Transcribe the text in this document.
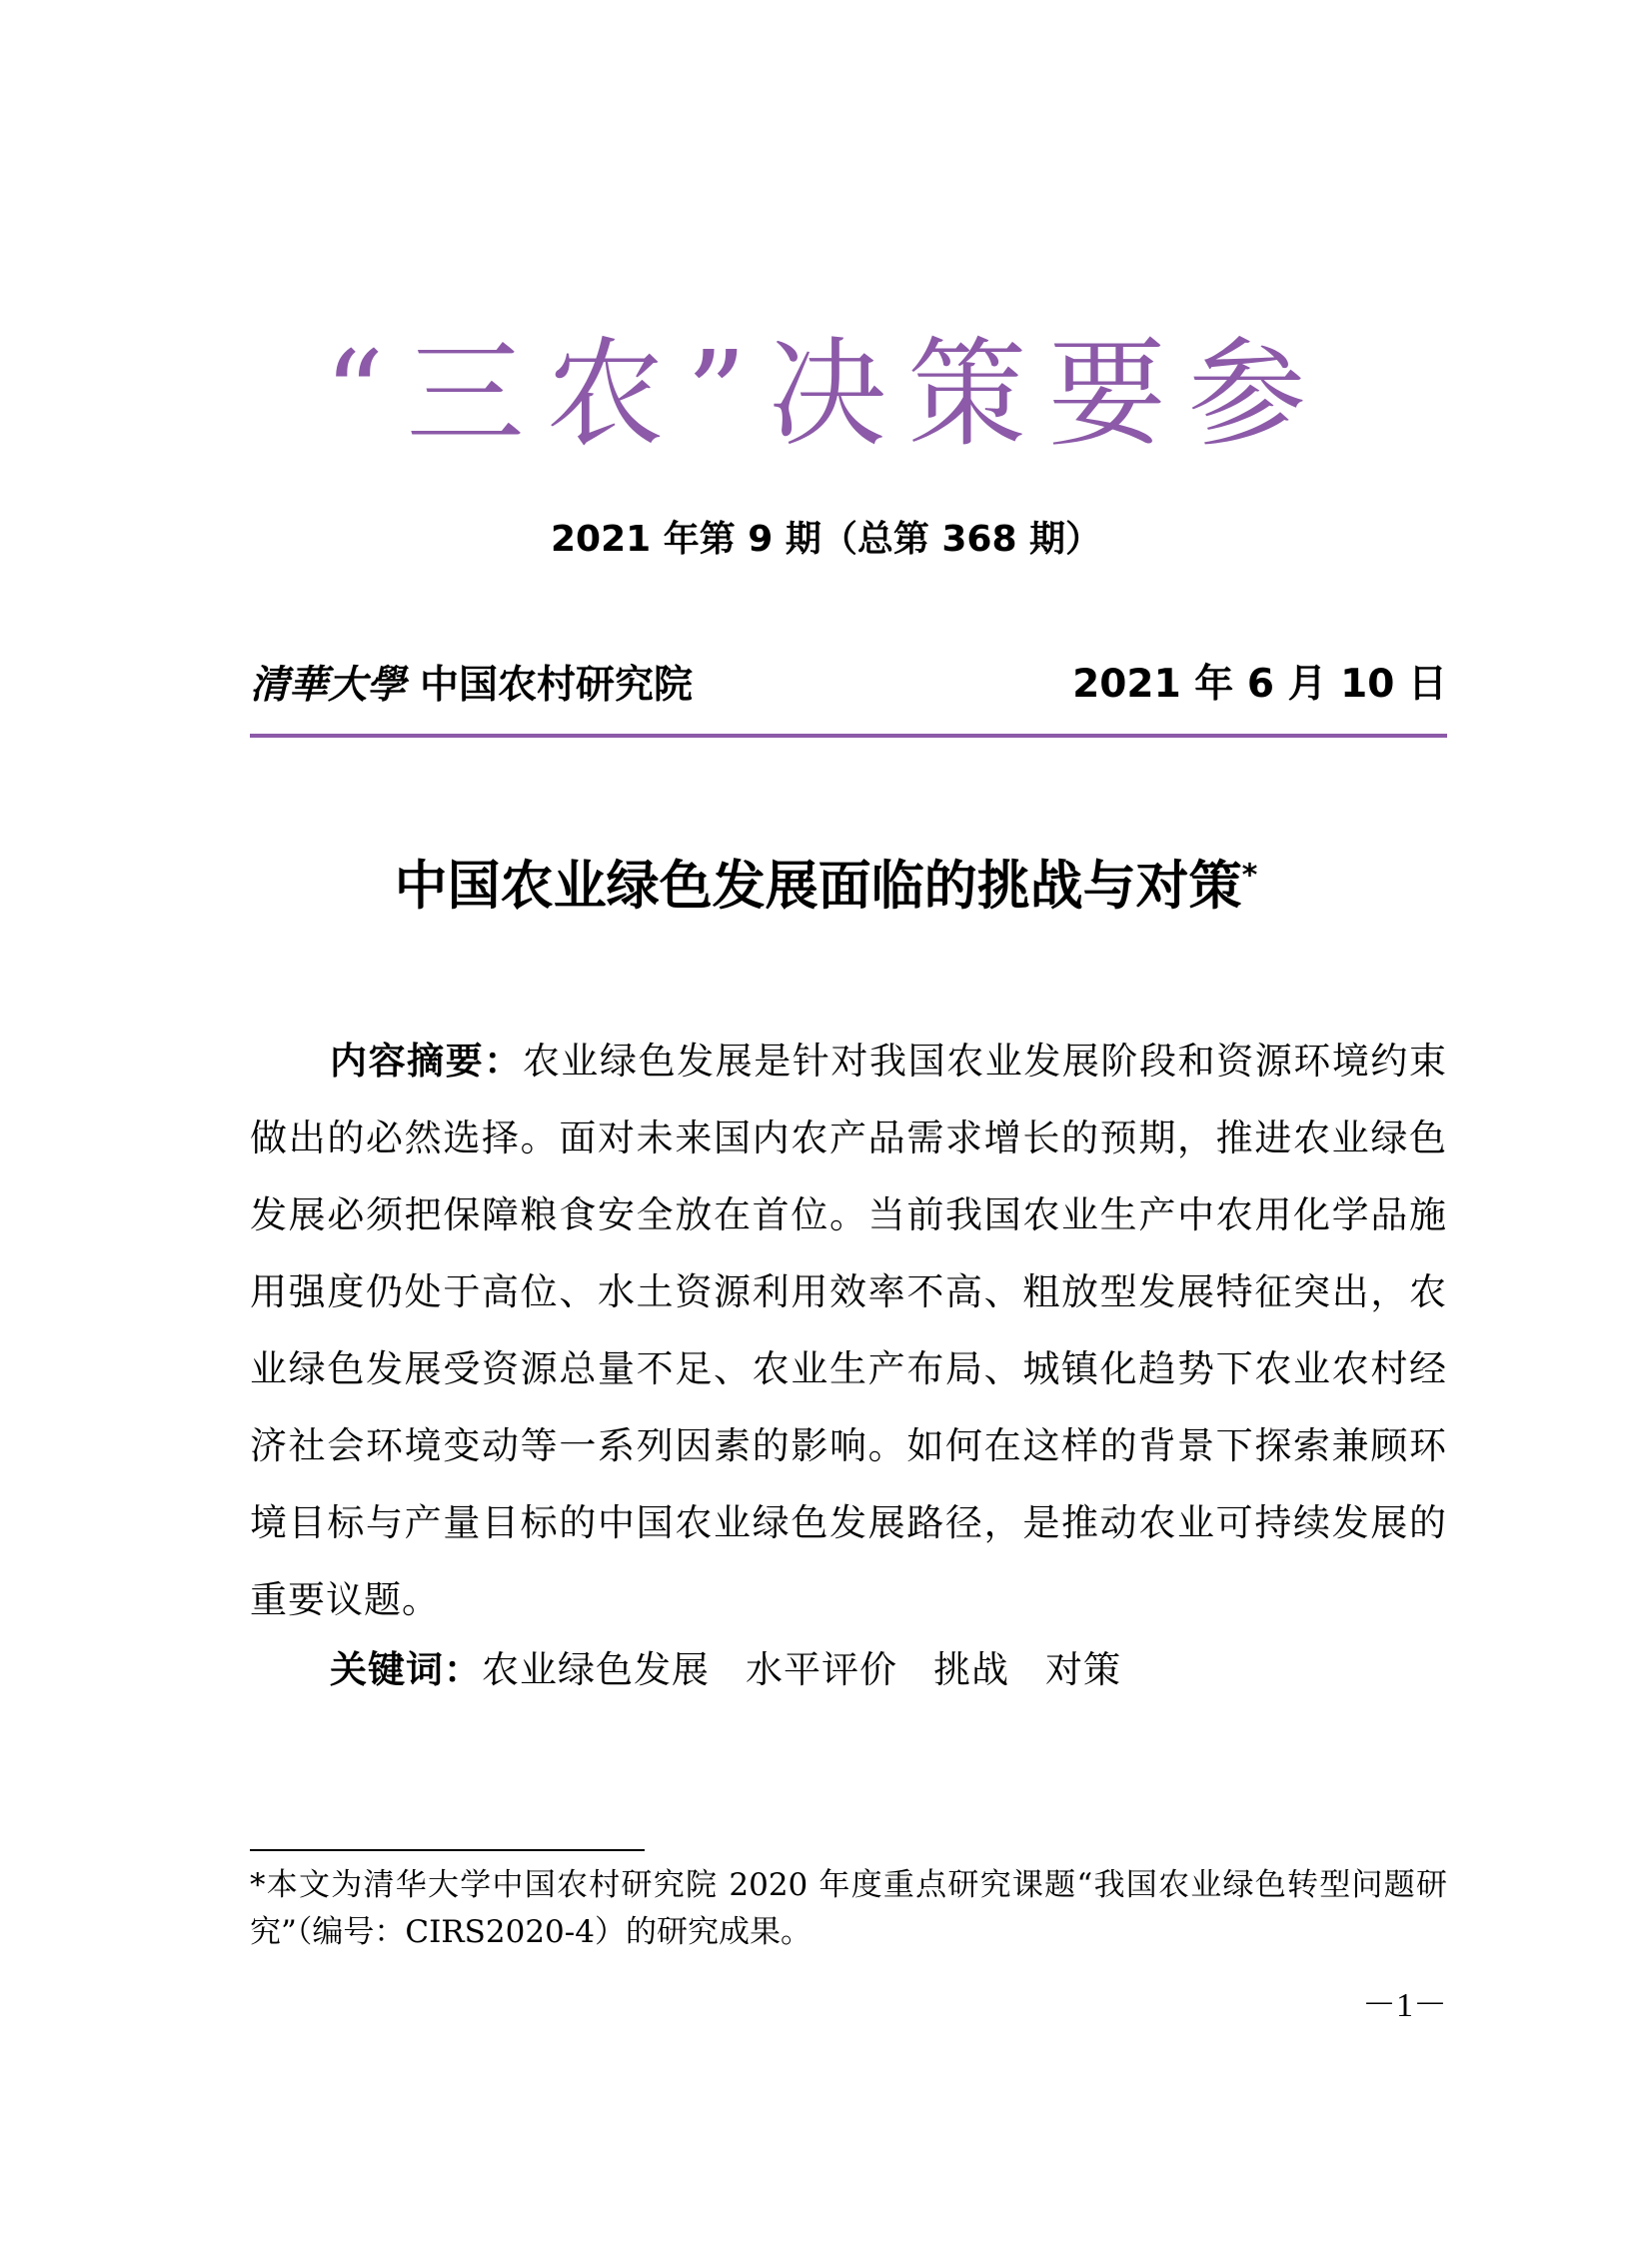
“三农”决策要参
2021 年第 9 期（总第 368 期）
清華大學 中国农村研究院	2021 年 6 月 10 日
中国农业绿色发展面临的挑战与对策*

内容摘要：农业绿色发展是针对我国农业发展阶段和资源环境约束做出的必然选择。面对未来国内农产品需求增长的预期，推进农业绿色发展必须把保障粮食安全放在首位。当前我国农业生产中农用化学品施用强度仍处于高位、水土资源利用效率不高、粗放型发展特征突出，农业绿色发展受资源总量不足、农业生产布局、城镇化趋势下农业农村经济社会环境变动等一系列因素的影响。如何在这样的背景下探索兼顾环境目标与产量目标的中国农业绿色发展路径，是推动农业可持续发展的重要议题。

关键词：农业绿色发展 水平评价 挑战 对策
*本文为清华大学中国农村研究院 2020 年度重点研究课题“我国农业绿色转型问题研究”（编号：CIRS2020-4）的研究成果。
－1－
